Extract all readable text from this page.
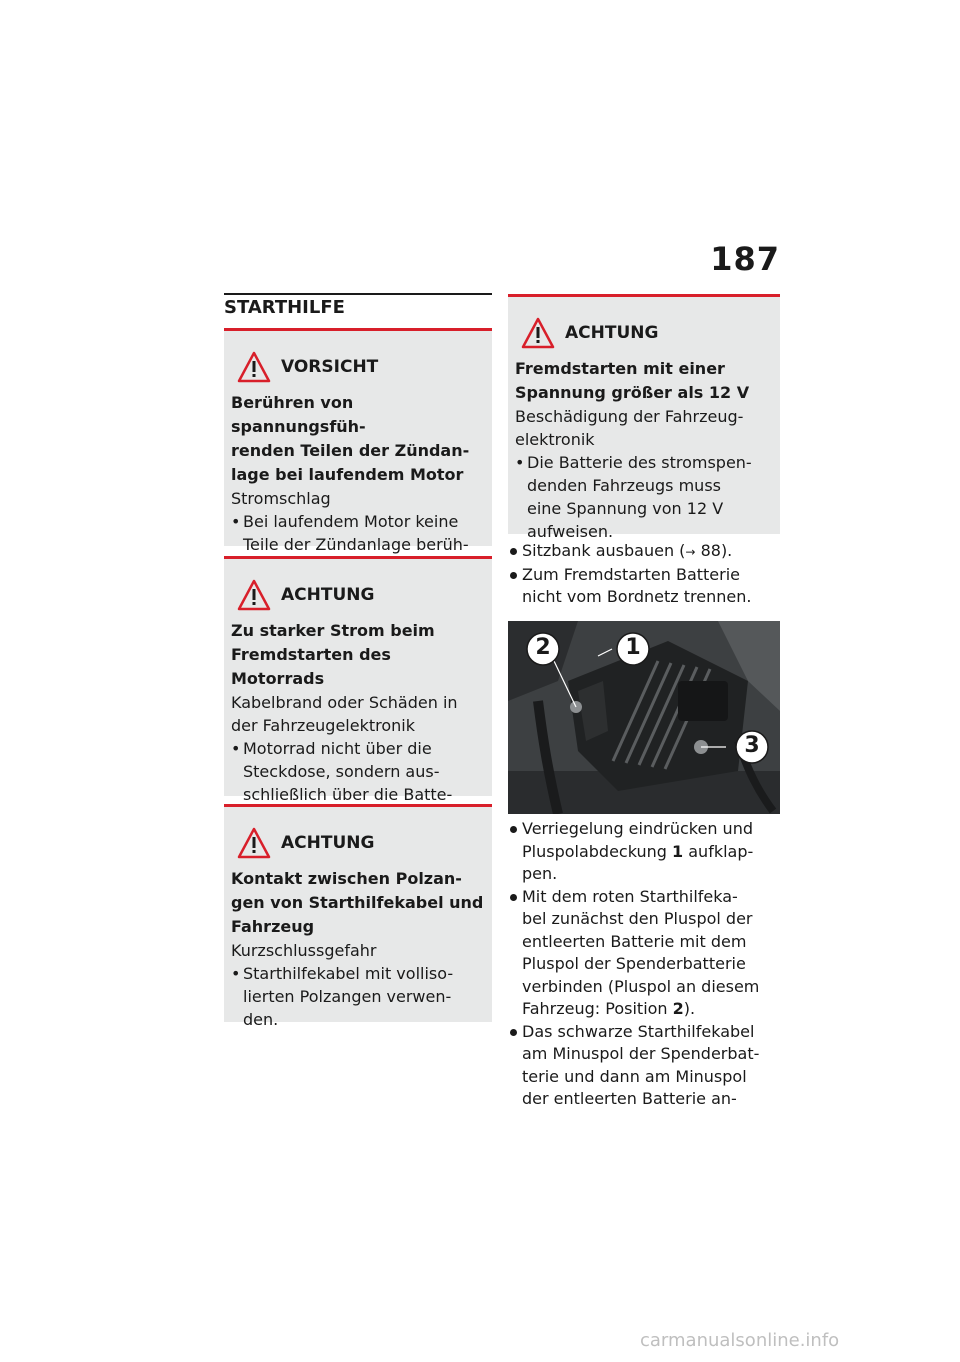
187
STARTHILFE
VORSICHT
Berühren von spannungsfüh-
renden Teilen der Zündan-
lage bei laufendem Motor
Stromschlag
• Bei laufendem Motor keine
Teile der Zündanlage berüh-
ACHTUNG
Zu starker Strom beim
Fremdstarten des Motorrads
Kabelbrand oder Schäden in
der Fahrzeugelektronik
• Motorrad nicht über die
Steckdose, sondern aus-
schließlich über die Batte-
ACHTUNG
Kontakt zwischen Polzan-
gen von Starthilfekabel und
Fahrzeug
Kurzschlussgefahr
• Starthilfekabel mit volliso-
lierten Polzangen verwen-
den.
ACHTUNG
Fremdstarten mit einer
Spannung größer als 12 V
Beschädigung der Fahrzeug-
elektronik
• Die Batterie des stromspen-
denden Fahrzeugs muss
eine Spannung von 12 V
aufweisen.
Sitzbank ausbauen (→ 88).
Zum Fremdstarten Batterie
nicht vom Bordnetz trennen.
1
2
3
Verriegelung eindrücken und
Pluspolabdeckung 1 aufklap-
pen.
Mit dem roten Starthilfeka-
bel zunächst den Pluspol der
entleerten Batterie mit dem
Pluspol der Spenderbatterie
verbinden (Pluspol an diesem
Fahrzeug: Position 2).
Das schwarze Starthilfekabel
am Minuspol der Spenderbat-
terie und dann am Minuspol
der entleerten Batterie an-
carmanualsonline.info
